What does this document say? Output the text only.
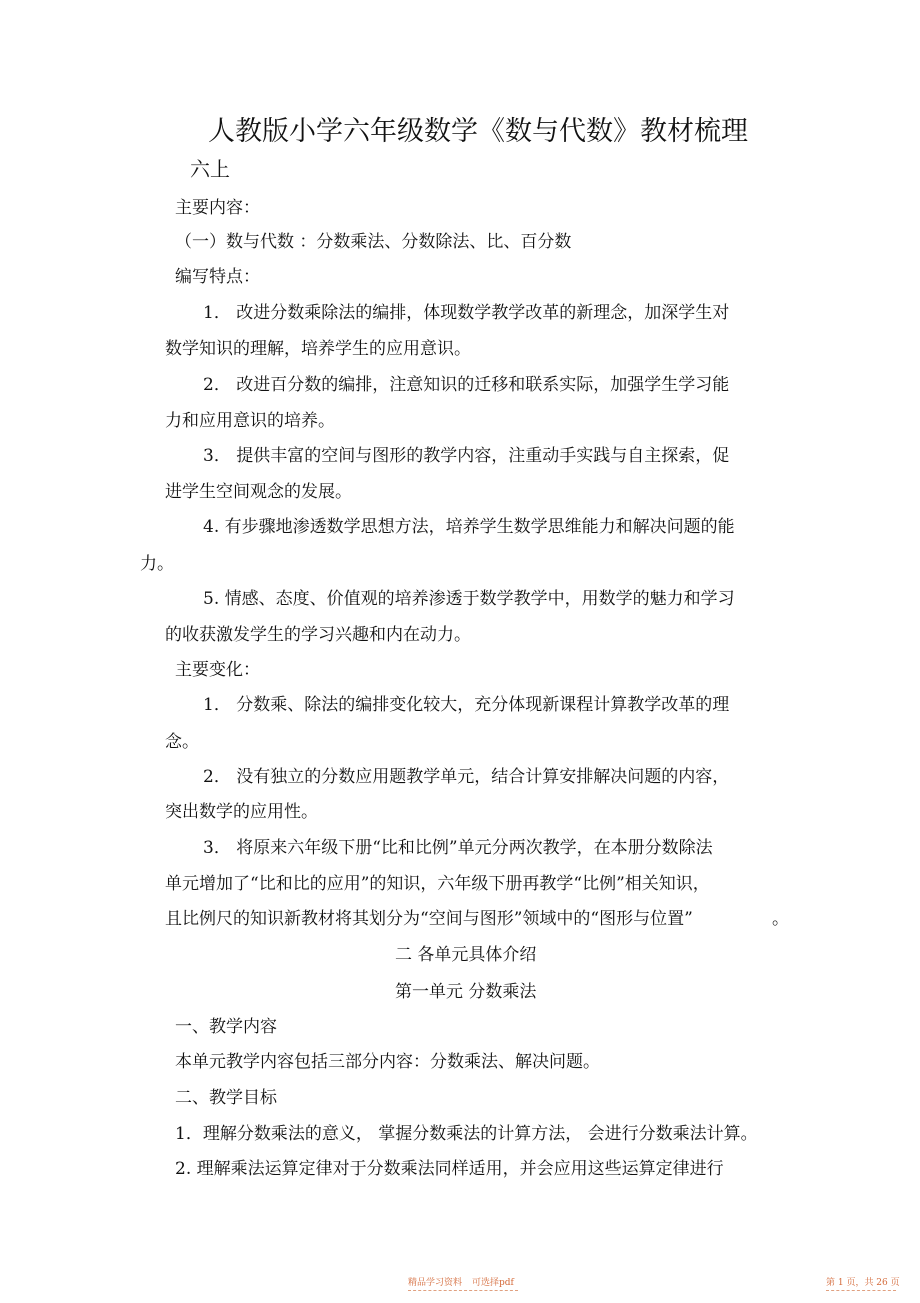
人教版小学六年级数学《数与代数》教材梳理
六上
主要内容：
（一）数与代数 ：分数乘法、分数除法、比、百分数
编写特点：
1． 改进分数乘除法的编排，体现数学教学改革的新理念，加深学生对
数学知识的理解，培养学生的应用意识。
2． 改进百分数的编排，注意知识的迁移和联系实际，加强学生学习能
力和应用意识的培养。
3． 提供丰富的空间与图形的教学内容，注重动手实践与自主探索，促
进学生空间观念的发展。
4. 有步骤地渗透数学思想方法，培养学生数学思维能力和解决问题的能
力。
5. 情感、态度、价值观的培养渗透于数学教学中，用数学的魅力和学习
的收获激发学生的学习兴趣和内在动力。
主要变化：
1． 分数乘、除法的编排变化较大，充分体现新课程计算教学改革的理
念。
2． 没有独立的分数应用题教学单元，结合计算安排解决问题的内容，
突出数学的应用性。
3． 将原来六年级下册“比和比例”单元分两次教学，在本册分数除法
单元增加了“比和比的应用”的知识，六年级下册再教学“比例”相关知识，
且比例尺的知识新教材将其划分为“空间与图形”领域中的“图形与位置”	。
二 各单元具体介绍
第一单元 分数乘法
一、教学内容
本单元教学内容包括三部分内容：分数乘法、解决问题。
二、教学目标
1．理解分数乘法的意义， 掌握分数乘法的计算方法， 会进行分数乘法计算。
2. 理解乘法运算定律对于分数乘法同样适用，并会应用这些运算定律进行
精品学习资料 可选择pdf	第 1 页，共 26 页
